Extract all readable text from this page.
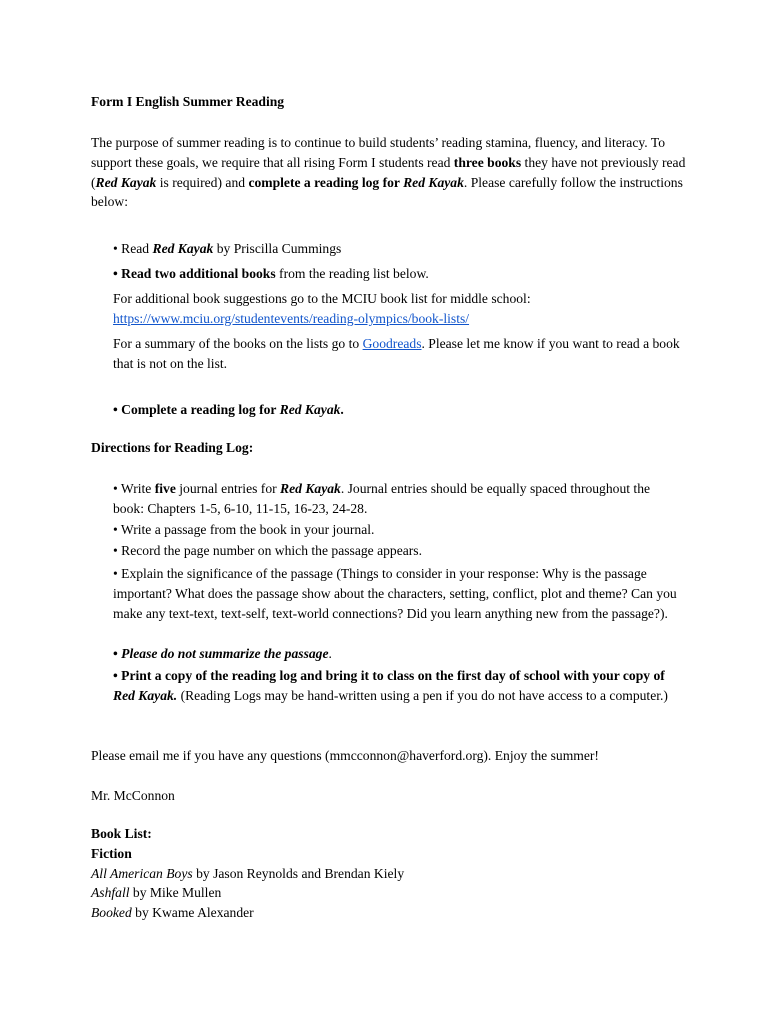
Form I English Summer Reading

The purpose of summer reading is to continue to build students’ reading stamina, fluency, and literacy. To support these goals, we require that all rising Form I students read three books they have not previously read (Red Kayak is required) and complete a reading log for Red Kayak. Please carefully follow the instructions below:

• Read Red Kayak by Priscilla Cummings

• Read two additional books from the reading list below.

For additional book suggestions go to the MCIU book list for middle school:
https://www.mciu.org/studentevents/reading-olympics/book-lists/

For a summary of the books on the lists go to Goodreads. Please let me know if you want to read a book that is not on the list.

• Complete a reading log for Red Kayak.

Directions for Reading Log:

• Write five journal entries for Red Kayak. Journal entries should be equally spaced throughout the book: Chapters 1-5, 6-10, 11-15, 16-23, 24-28.

• Write a passage from the book in your journal.

• Record the page number on which the passage appears.

• Explain the significance of the passage (Things to consider in your response: Why is the passage important? What does the passage show about the characters, setting, conflict, plot and theme? Can you make any text-text, text-self, text-world connections? Did you learn anything new from the passage?).

• Please do not summarize the passage.

• Print a copy of the reading log and bring it to class on the first day of school with your copy of Red Kayak. (Reading Logs may be hand-written using a pen if you do not have access to a computer.)

Please email me if you have any questions (mmcconnon@haverford.org). Enjoy the summer!

Mr. McConnon

Book List:
Fiction
All American Boys by Jason Reynolds and Brendan Kiely
Ashfall by Mike Mullen
Booked by Kwame Alexander
